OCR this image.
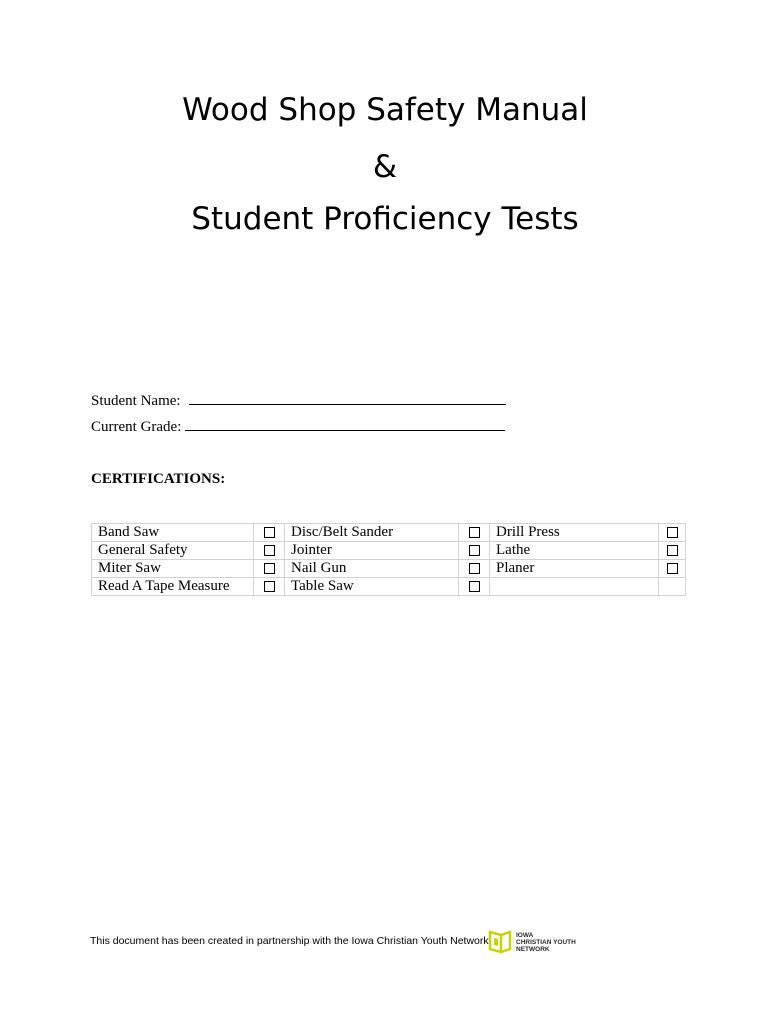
Wood Shop Safety Manual
&
Student Proficiency Tests
Student Name:
Current Grade:
CERTIFICATIONS:
Band Saw		Disc/Belt Sander		Drill Press	
General Safety		Jointer		Lathe	
Miter Saw		Nail Gun		Planer	
Read A Tape Measure		Table Saw			
This document has been created in partnership with the Iowa Christian Youth Network	IOWA
CHRISTIAN YOUTH
NETWORK
